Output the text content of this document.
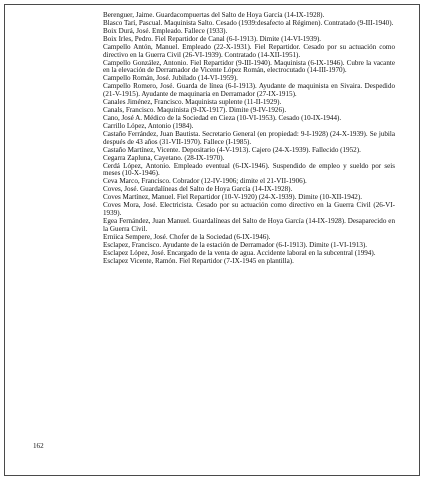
Berenguer, Jaime. Guardacompuertas del Salto de Hoya García (14-IX-1928).

Blasco Tarí, Pascual. Maquinista Salto. Cesado (1939:desafecto al Régimen). Contratado (9-III-1940).

Boix Durá, José. Empleado. Fallece (1933).

Boix Irles, Pedro. Fiel Repartidor de Canal (6-I-1913). Dimite (14-VI-1939).

Campello Antón, Manuel. Empleado (22-X-1931). Fiel Repartidor. Cesado por su actuación como directivo en la Guerra Civil (26-VI-1939). Contratado (14-XII-1951).

Campello González, Antonio. Fiel Repartidor (9-III-1940). Maquinista (6-IX-1946). Cubre la vacante en la elevación de Derramador de Vicente López Román, electrocutado (14-III-1970).

Campello Román, José. Jubilado (14-VI-1959).

Campello Romero, José. Guarda de línea (6-I-1913). Ayudante de maquinista en Sivaira. Despedido (21-V-1915). Ayudante de maquinaria en Derramador (27-IX-1915).

Canales Jiménez, Francisco. Maquinista suplente (11-II-1929).

Canals, Francisco. Maquinista (9-IX-1917). Dimite (9-IV-1926).

Cano, José A. Médico de la Sociedad en Cieza (10-VI-1953). Cesado (10-IX-1944).

Carrillo López, Antonio (1984).

Castaño Ferrández, Juan Bautista. Secretario General (en propiedad: 9-I-1928) (24-X-1939). Se jubila después de 43 años (31-VII-1970). Fallece (I-1985).

Castaño Martínez, Vicente. Depositario (4-V-1913). Cajero (24-X-1939). Fallecido (1952).

Cegarra Zapluna, Cayetano. (28-IX-1970).

Cerdá López, Antonio. Empleado eventual (6-IX-1946). Suspendido de empleo y sueldo por seis meses (10-X-1946).

Ceva Marco, Francisco. Cobrador (12-IV-1906; dimite el 21-VII-1906).

Coves, José. Guardalíneas del Salto de Hoya García (14-IX-1928).

Coves Martínez, Manuel. Fiel Repartidor (10-V-1920) (24-X-1939). Dimite (10-XII-1942).

Coves Mora, José. Electricista. Cesado por su actuación como directivo en la Guerra Civil (26-VI-1939).

Egea Fernández, Juan Manuel. Guardalíneas del Salto de Hoya García (14-IX-1928). Desaparecido en la Guerra Civil.

Erniica Sempere, José. Chofer de la Sociedad (6-IX-1946).

Esclapez, Francisco. Ayudante de la estación de Derramador (6-I-1913). Dimite (1-VI-1913).

Esclapez López, José. Encargado de la venta de agua. Accidente laboral en la subcentral (1994).

Esclapez Vicente, Ramón. Fiel Repartidor (7-IX-1945 en plantilla).

162
